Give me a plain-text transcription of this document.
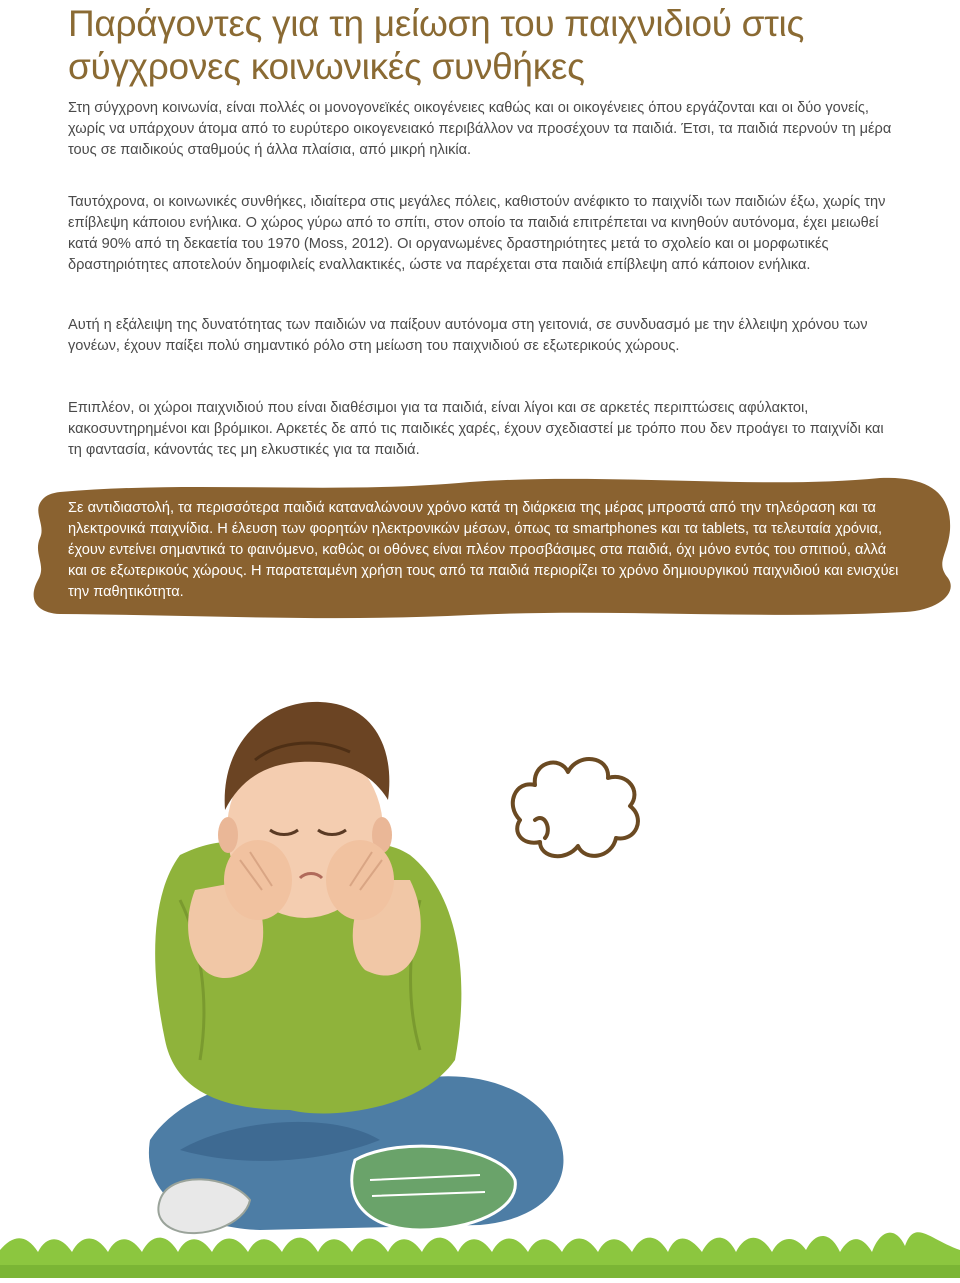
Παράγοντες για τη μείωση του παιχνιδιού στις σύγχρονες κοινωνικές συνθήκες

Στη σύγχρονη κοινωνία, είναι πολλές οι μονογονεϊκές οικογένειες καθώς και οι οικογένειες όπου εργάζονται και οι δύο γονείς, χωρίς να υπάρχουν άτομα από το ευρύτερο οικογενειακό περιβάλλον να προσέχουν τα παιδιά. Έτσι, τα παιδιά περνούν τη μέρα τους σε παιδικούς σταθμούς ή άλλα πλαίσια, από μικρή ηλικία.

Ταυτόχρονα, οι κοινωνικές συνθήκες, ιδιαίτερα στις μεγάλες πόλεις, καθιστούν ανέφικτο το παιχνίδι των παιδιών έξω, χωρίς την επίβλεψη κάποιου ενήλικα. Ο χώρος γύρω από το σπίτι, στον οποίο τα παιδιά επιτρέπεται να κινηθούν αυτόνομα, έχει μειωθεί κατά 90% από τη δεκαετία του 1970 (Moss, 2012). Οι οργανωμένες δραστηριότητες μετά το σχολείο και οι μορφωτικές δραστηριότητες αποτελούν δημοφιλείς εναλλακτικές, ώστε να παρέχεται στα παιδιά επίβλεψη από κάποιον ενήλικα.

Αυτή η εξάλειψη της δυνατότητας των παιδιών να παίξουν αυτόνομα στη γειτονιά, σε συνδυασμό με την έλλειψη χρόνου των γονέων, έχουν παίξει πολύ σημαντικό ρόλο στη μείωση του παιχνιδιού σε εξωτερικούς χώρους.

Επιπλέον, οι χώροι παιχνιδιού που είναι διαθέσιμοι για τα παιδιά, είναι λίγοι και σε αρκετές περιπτώσεις αφύλακτοι, κακοσυντηρημένοι και βρόμικοι. Αρκετές δε από τις παιδικές χαρές, έχουν σχεδιαστεί με τρόπο που δεν προάγει το παιχνίδι και τη φαντασία, κάνοντάς τες μη ελκυστικές για τα παιδιά.

Σε αντιδιαστολή, τα περισσότερα παιδιά καταναλώνουν χρόνο κατά τη διάρκεια της μέρας μπροστά από την τηλεόραση και τα ηλεκτρονικά παιχνίδια. Η έλευση των φορητών ηλεκτρονικών μέσων, όπως τα smartphones και τα tablets, τα τελευταία χρόνια, έχουν εντείνει σημαντικά το φαινόμενο, καθώς οι οθόνες είναι πλέον προσβάσιμες στα παιδιά, όχι μόνο εντός του σπιτιού, αλλά και σε εξωτερικούς χώρους. Η παρατεταμένη χρήση τους από τα παιδιά περιορίζει το χρόνο δημιουργικού παιχνιδιού και ενισχύει την παθητικότητα.
